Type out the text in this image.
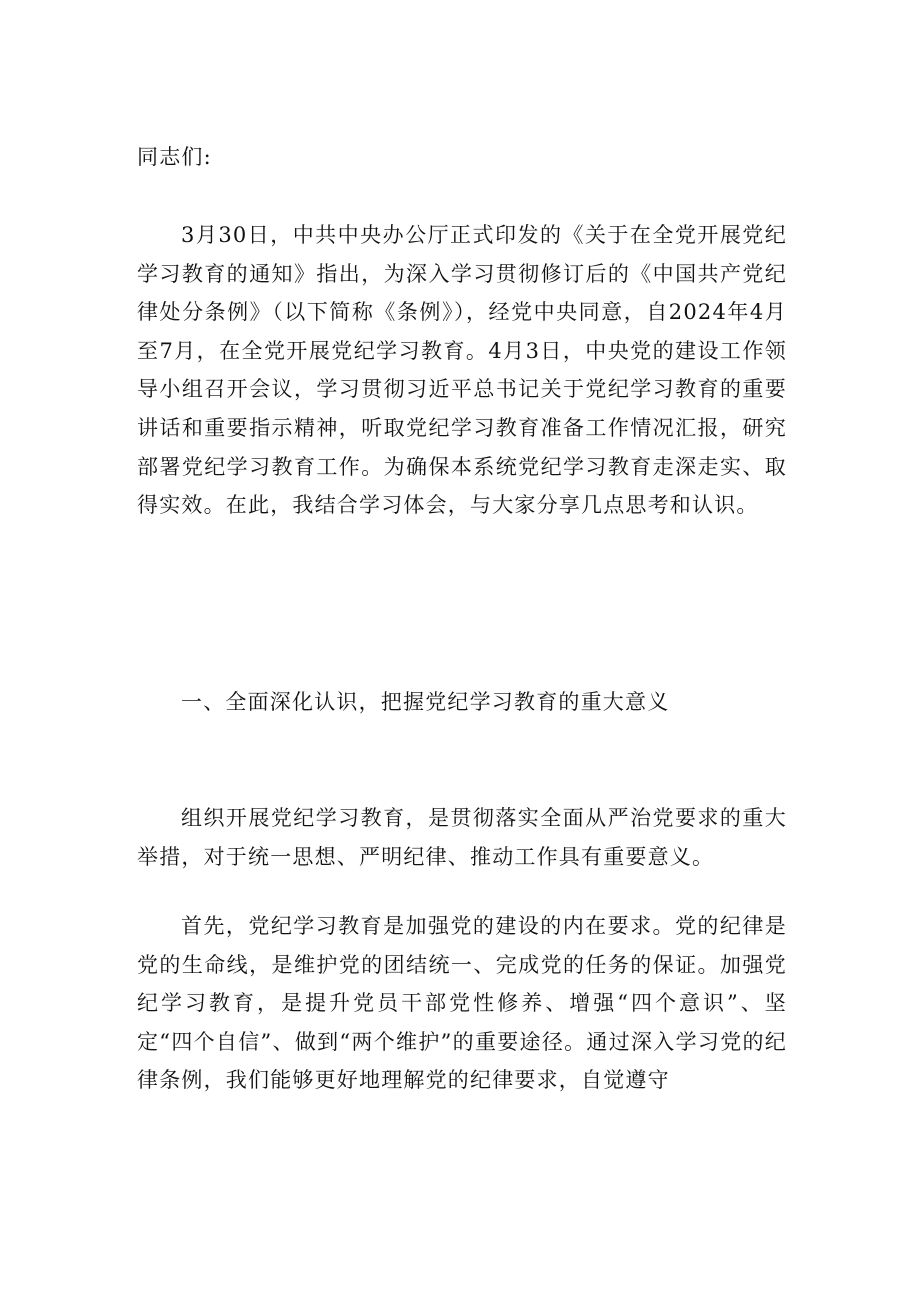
同志们:

3月30日，中共中央办公厅正式印发的《关于在全党开展党纪学习教育的通知》指出，为深入学习贯彻修订后的《中国共产党纪律处分条例》（以下简称《条例》），经党中央同意，自2024年4月至7月，在全党开展党纪学习教育。4月3日，中央党的建设工作领导小组召开会议，学习贯彻习近平总书记关于党纪学习教育的重要讲话和重要指示精神，听取党纪学习教育准备工作情况汇报，研究部署党纪学习教育工作。为确保本系统党纪学习教育走深走实、取得实效。在此，我结合学习体会，与大家分享几点思考和认识。

一、全面深化认识，把握党纪学习教育的重大意义

组织开展党纪学习教育，是贯彻落实全面从严治党要求的重大举措，对于统一思想、严明纪律、推动工作具有重要意义。

首先，党纪学习教育是加强党的建设的内在要求。党的纪律是党的生命线，是维护党的团结统一、完成党的任务的保证。加强党纪学习教育，是提升党员干部党性修养、增强“四个意识”、坚定“四个自信”、做到“两个维护”的重要途径。通过深入学习党的纪律条例，我们能够更好地理解党的纪律要求，自觉遵守
